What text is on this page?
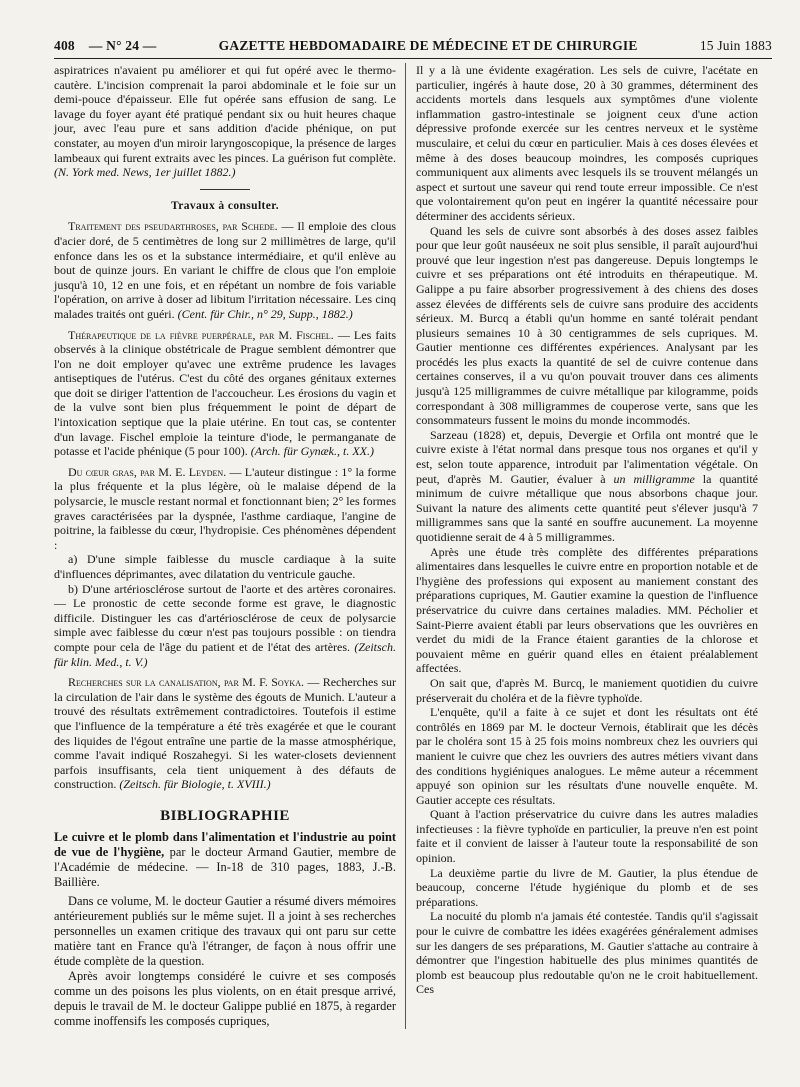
408 — N° 24 —	GAZETTE HEBDOMADAIRE DE MÉDECINE ET DE CHIRURGIE	15 Juin 1883

aspiratrices n'avaient pu améliorer et qui fut opéré avec le thermo-cautère. L'incision comprenait la paroi abdominale et le foie sur un demi-pouce d'épaisseur. Elle fut opérée sans effusion de sang. Le lavage du foyer ayant été pratiqué pendant six ou huit heures chaque jour, avec l'eau pure et sans addition d'acide phénique, on put constater, au moyen d'un miroir laryngoscopique, la présence de larges lambeaux qui furent extraits avec les pinces. La guérison fut complète. (N. York med. News, 1er juillet 1882.)

Travaux à consulter.

Traitement des pseudarthroses, par Schede. — Il emploie des clous d'acier doré, de 5 centimètres de long sur 2 millimètres de large, qu'il enfonce dans les os et la substance intermédiaire, et qu'il enlève au bout de quinze jours. En variant le chiffre de clous que l'on emploie jusqu'à 10, 12 en une fois, et en répétant un nombre de fois variable l'opération, on arrive à doser ad libitum l'irritation nécessaire. Les cinq malades traités ont guéri. (Cent. für Chir., n° 29, Supp., 1882.)

Thérapeutique de la fièvre puerpérale, par M. Fischel. — Les faits observés à la clinique obstétricale de Prague semblent démontrer que l'on ne doit employer qu'avec une extrême prudence les lavages antiseptiques de l'utérus. C'est du côté des organes génitaux externes que doit se diriger l'attention de l'accoucheur. Les érosions du vagin et de la vulve sont bien plus fréquemment le point de départ de l'intoxication septique que la plaie utérine. En tout cas, se contenter d'un lavage. Fischel emploie la teinture d'iode, le permanganate de potasse et l'acide phénique (5 pour 100). (Arch. für Gynæk., t. XX.)

Du cœur gras, par M. E. Leyden. — L'auteur distingue : 1° la forme la plus fréquente et la plus légère, où le malaise dépend de la polysarcie, le muscle restant normal et fonctionnant bien; 2° les formes graves caractérisées par la dyspnée, l'asthme cardiaque, l'angine de poitrine, la faiblesse du cœur, l'hydropisie. Ces phénomènes dépendent :

a) D'une simple faiblesse du muscle cardiaque à la suite d'influences déprimantes, avec dilatation du ventricule gauche.

b) D'une artériosclérose surtout de l'aorte et des artères coronaires. — Le pronostic de cette seconde forme est grave, le diagnostic difficile. Distinguer les cas d'artériosclérose de ceux de polysarcie simple avec faiblesse du cœur n'est pas toujours possible : on tiendra compte pour cela de l'âge du patient et de l'état des artères. (Zeitsch. für klin. Med., t. V.)

Recherches sur la canalisation, par M. F. Soyka. — Recherches sur la circulation de l'air dans le système des égouts de Munich. L'auteur a trouvé des résultats extrêmement contradictoires. Toutefois il estime que l'influence de la température a été très exagérée et que le courant des liquides de l'égout entraîne une partie de la masse atmosphérique, comme l'avait indiqué Roszahegyi. Si les water-closets deviennent parfois insuffisants, cela tient uniquement à des défauts de construction. (Zeitsch. für Biologie, t. XVIII.)

BIBLIOGRAPHIE

Le cuivre et le plomb dans l'alimentation et l'industrie au point de vue de l'hygiène, par le docteur Armand Gautier, membre de l'Académie de médecine. — In-18 de 310 pages, 1883, J.-B. Baillière.

Dans ce volume, M. le docteur Gautier a résumé divers mémoires antérieurement publiés sur le même sujet. Il a joint à ses recherches personnelles un examen critique des travaux qui ont paru sur cette matière tant en France qu'à l'étranger, de façon à nous offrir une étude complète de la question.

Après avoir longtemps considéré le cuivre et ses composés comme un des poisons les plus violents, on en était presque arrivé, depuis le travail de M. le docteur Galippe publié en 1875, à regarder comme inoffensifs les composés cupriques,

Il y a là une évidente exagération. Les sels de cuivre, l'acétate en particulier, ingérés à haute dose, 20 à 30 grammes, déterminent des accidents mortels dans lesquels aux symptômes d'une violente inflammation gastro-intestinale se joignent ceux d'une action dépressive profonde exercée sur les centres nerveux et le système musculaire, et celui du cœur en particulier. Mais à ces doses élevées et même à des doses beaucoup moindres, les composés cupriques communiquent aux aliments avec lesquels ils se trouvent mélangés un aspect et surtout une saveur qui rend toute erreur impossible. Ce n'est que volontairement qu'on peut en ingérer la quantité nécessaire pour déterminer des accidents sérieux.

Quand les sels de cuivre sont absorbés à des doses assez faibles pour que leur goût nauséeux ne soit plus sensible, il paraît aujourd'hui prouvé que leur ingestion n'est pas dangereuse. Depuis longtemps le cuivre et ses préparations ont été introduits en thérapeutique. M. Galippe a pu faire absorber progressivement à des chiens des doses assez élevées de différents sels de cuivre sans produire des accidents sérieux. M. Burcq a établi qu'un homme en santé tolérait pendant plusieurs semaines 10 à 30 centigrammes de sels cupriques. M. Gautier mentionne ces différentes expériences. Analysant par les procédés les plus exacts la quantité de sel de cuivre contenue dans certaines conserves, il a vu qu'on pouvait trouver dans ces aliments jusqu'à 125 milligrammes de cuivre métallique par kilogramme, poids correspondant à 308 milligrammes de couperose verte, sans que les consommateurs fussent le moins du monde incommodés.

Sarzeau (1828) et, depuis, Devergie et Orfila ont montré que le cuivre existe à l'état normal dans presque tous nos organes et qu'il y est, selon toute apparence, introduit par l'alimentation végétale. On peut, d'après M. Gautier, évaluer à un milligramme la quantité minimum de cuivre métallique que nous absorbons chaque jour. Suivant la nature des aliments cette quantité peut s'élever jusqu'à 7 milligrammes sans que la santé en souffre aucunement. La moyenne quotidienne serait de 4 à 5 milligrammes.

Après une étude très complète des différentes préparations alimentaires dans lesquelles le cuivre entre en proportion notable et de l'hygiène des professions qui exposent au maniement constant des préparations cupriques, M. Gautier examine la question de l'influence préservatrice du cuivre dans certaines maladies. MM. Pécholier et Saint-Pierre avaient établi par leurs observations que les ouvrières en verdet du midi de la France étaient garanties de la chlorose et pouvaient même en guérir quand elles en étaient préalablement affectées.

On sait que, d'après M. Burcq, le maniement quotidien du cuivre préserverait du choléra et de la fièvre typhoïde.

L'enquête, qu'il a faite à ce sujet et dont les résultats ont été contrôlés en 1869 par M. le docteur Vernois, établirait que les décès par le choléra sont 15 à 25 fois moins nombreux chez les ouvriers qui manient le cuivre que chez les ouvriers des autres métiers vivant dans des conditions hygiéniques analogues. Le même auteur a récemment appuyé son opinion sur les résultats d'une nouvelle enquête. M. Gautier accepte ces résultats.

Quant à l'action préservatrice du cuivre dans les autres maladies infectieuses : la fièvre typhoïde en particulier, la preuve n'en est point faite et il convient de laisser à l'auteur toute la responsabilité de son opinion.

La deuxième partie du livre de M. Gautier, la plus étendue de beaucoup, concerne l'étude hygiénique du plomb et de ses préparations.

La nocuité du plomb n'a jamais été contestée. Tandis qu'il s'agissait pour le cuivre de combattre les idées exagérées généralement admises sur les dangers de ses préparations, M. Gautier s'attache au contraire à démontrer que l'ingestion habituelle des plus minimes quantités de plomb est beaucoup plus redoutable qu'on ne le croit habituellement. Ces
